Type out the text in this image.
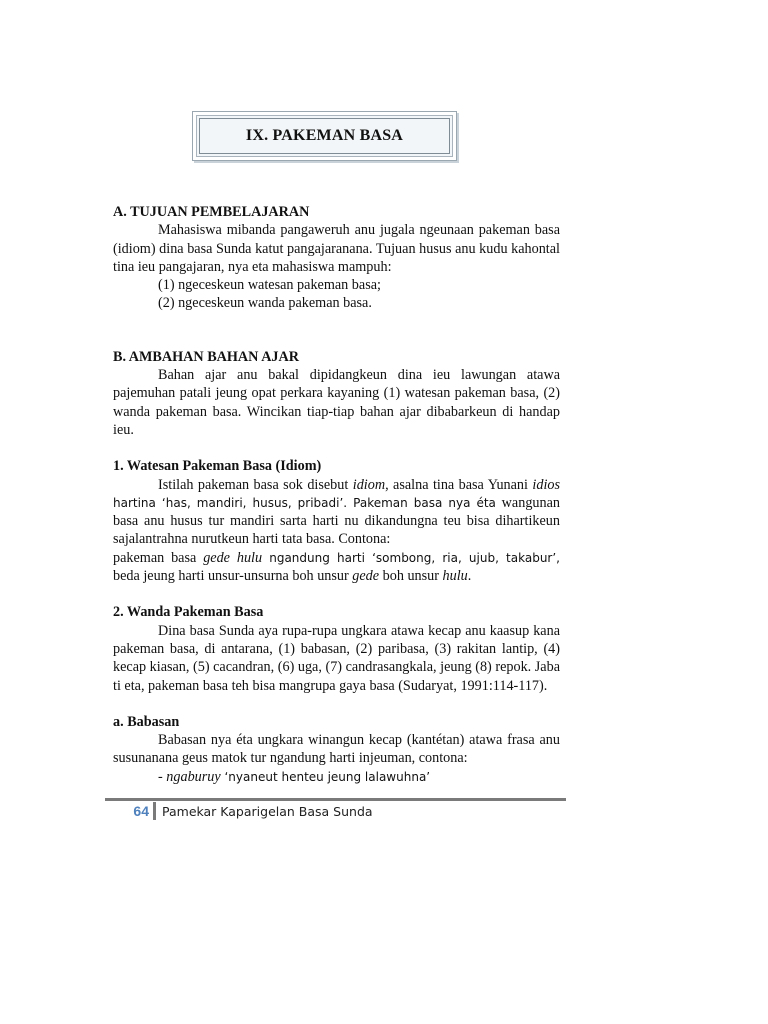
IX. PAKEMAN BASA

A. TUJUAN PEMBELAJARAN

Mahasiswa mibanda pangaweruh anu jugala ngeunaan pakeman basa (idiom) dina basa Sunda katut pangajaranana. Tujuan husus anu kudu kahontal tina ieu pangajaran, nya eta mahasiswa mampuh:

(1) ngeceskeun watesan pakeman basa;

(2) ngeceskeun wanda pakeman basa.

B. AMBAHAN BAHAN AJAR

Bahan ajar anu bakal dipidangkeun dina ieu lawungan atawa pajemuhan patali jeung opat perkara kayaning (1) watesan pakeman basa, (2) wanda pakeman basa. Wincikan tiap-tiap bahan ajar dibabarkeun di handap ieu.

1. Watesan Pakeman Basa (Idiom)

Istilah pakeman basa sok disebut idiom, asalna tina basa Yunani idios hartina ‘has, mandiri, husus, pribadi’. Pakeman basa nya éta wangunan basa anu husus tur mandiri sarta harti nu dikandungna teu bisa dihartikeun sajalantrahna nurutkeun harti tata basa. Contona:

pakeman basa gede hulu ngandung harti ‘sombong, ria, ujub, takabur’, beda jeung harti unsur-unsurna boh unsur gede boh unsur hulu.

2. Wanda Pakeman Basa

Dina basa Sunda aya rupa-rupa ungkara atawa kecap anu kaasup kana pakeman basa, di antarana, (1) babasan, (2) paribasa, (3) rakitan lantip, (4) kecap kiasan, (5) cacandran, (6) uga, (7) candrasangkala, jeung (8) repok. Jaba ti eta, pakeman basa teh bisa mangrupa gaya basa (Sudaryat, 1991:114-117).

a. Babasan

Babasan nya éta ungkara winangun kecap (kantétan) atawa frasa anu susunanana geus matok tur ngandung harti injeuman, contona:

- ngaburuy ‘nyaneut henteu jeung lalawuhna’

64	Pamekar Kaparigelan Basa Sunda
